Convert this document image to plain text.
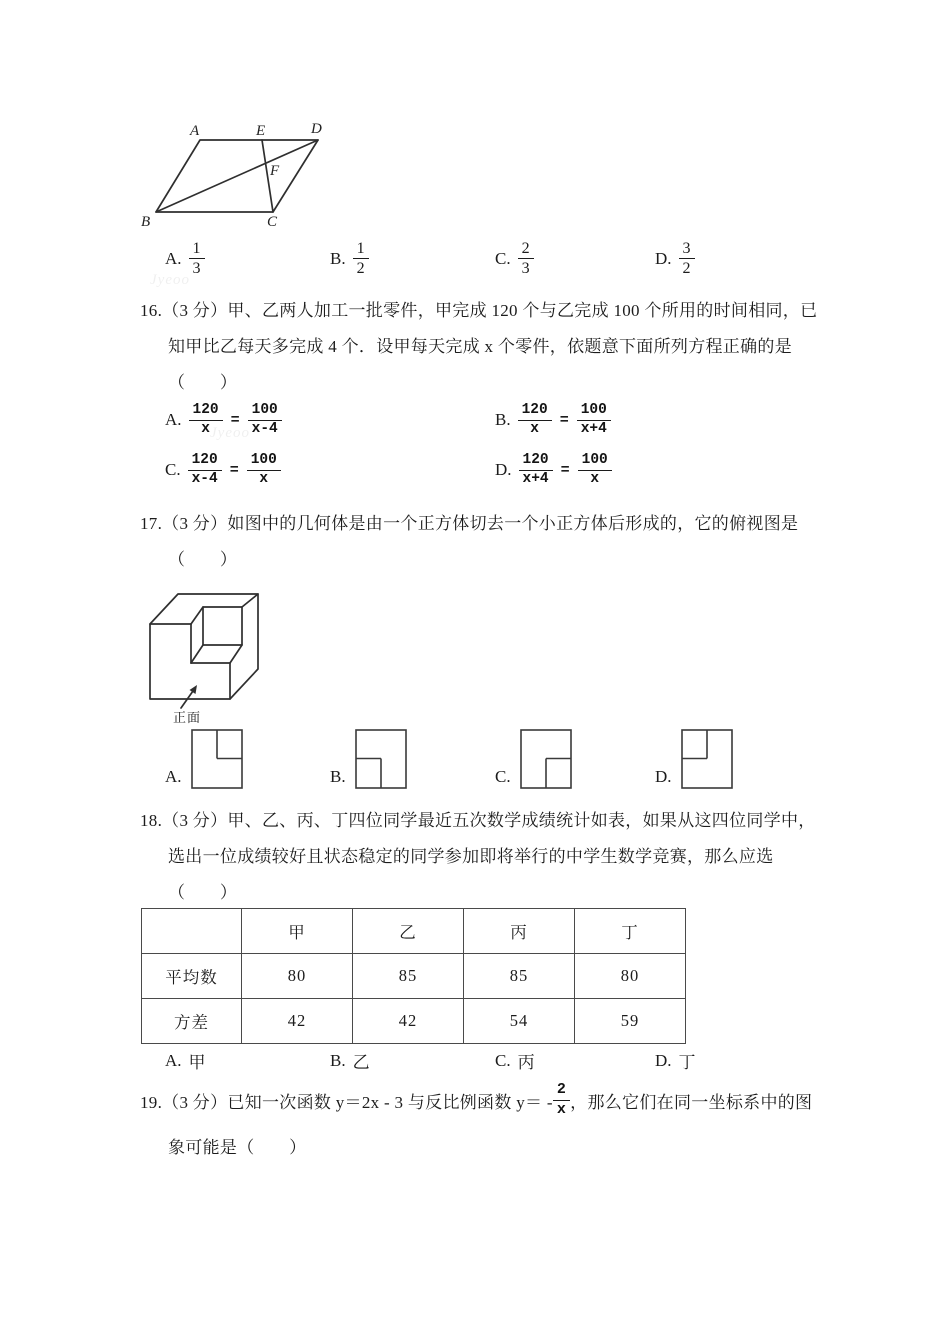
Jyeoo
Jyeoo
A	E	D
B	C
F
A. $\frac{1}{3}$	B. $\frac{1}{2}$	C. $\frac{2}{3}$	D. $\frac{3}{2}$
16.（3 分）甲、乙两人加工一批零件，甲完成 120 个与乙完成 100 个所用的时间相同，已
知甲比乙每天多完成 4 个．设甲每天完成 x 个零件，依题意下面所列方程正确的是
（　　）
A. $\frac{120}{x} = \frac{100}{x-4}$	B. $\frac{120}{x} = \frac{100}{x+4}$
C. $\frac{120}{x-4} = \frac{100}{x}$	D. $\frac{120}{x+4} = \frac{100}{x}$
17.（3 分）如图中的几何体是由一个正方体切去一个小正方体后形成的，它的俯视图是
（　　）
正面
A.	B.	C.	D.
18.（3 分）甲、乙、丙、丁四位同学最近五次数学成绩统计如表，如果从这四位同学中，
选出一位成绩较好且状态稳定的同学参加即将举行的中学生数学竞赛，那么应选
（　　）
	甲	乙	丙	丁
平均数	80	85	85	80
方差	42	42	54	59
A. 甲	B. 乙	C. 丙	D. 丁
19.（3 分）已知一次函数 y＝2x - 3 与反比例函数 $y= - \frac{2}{x}$ ，那么它们在同一坐标系中的图
象可能是（　　）
